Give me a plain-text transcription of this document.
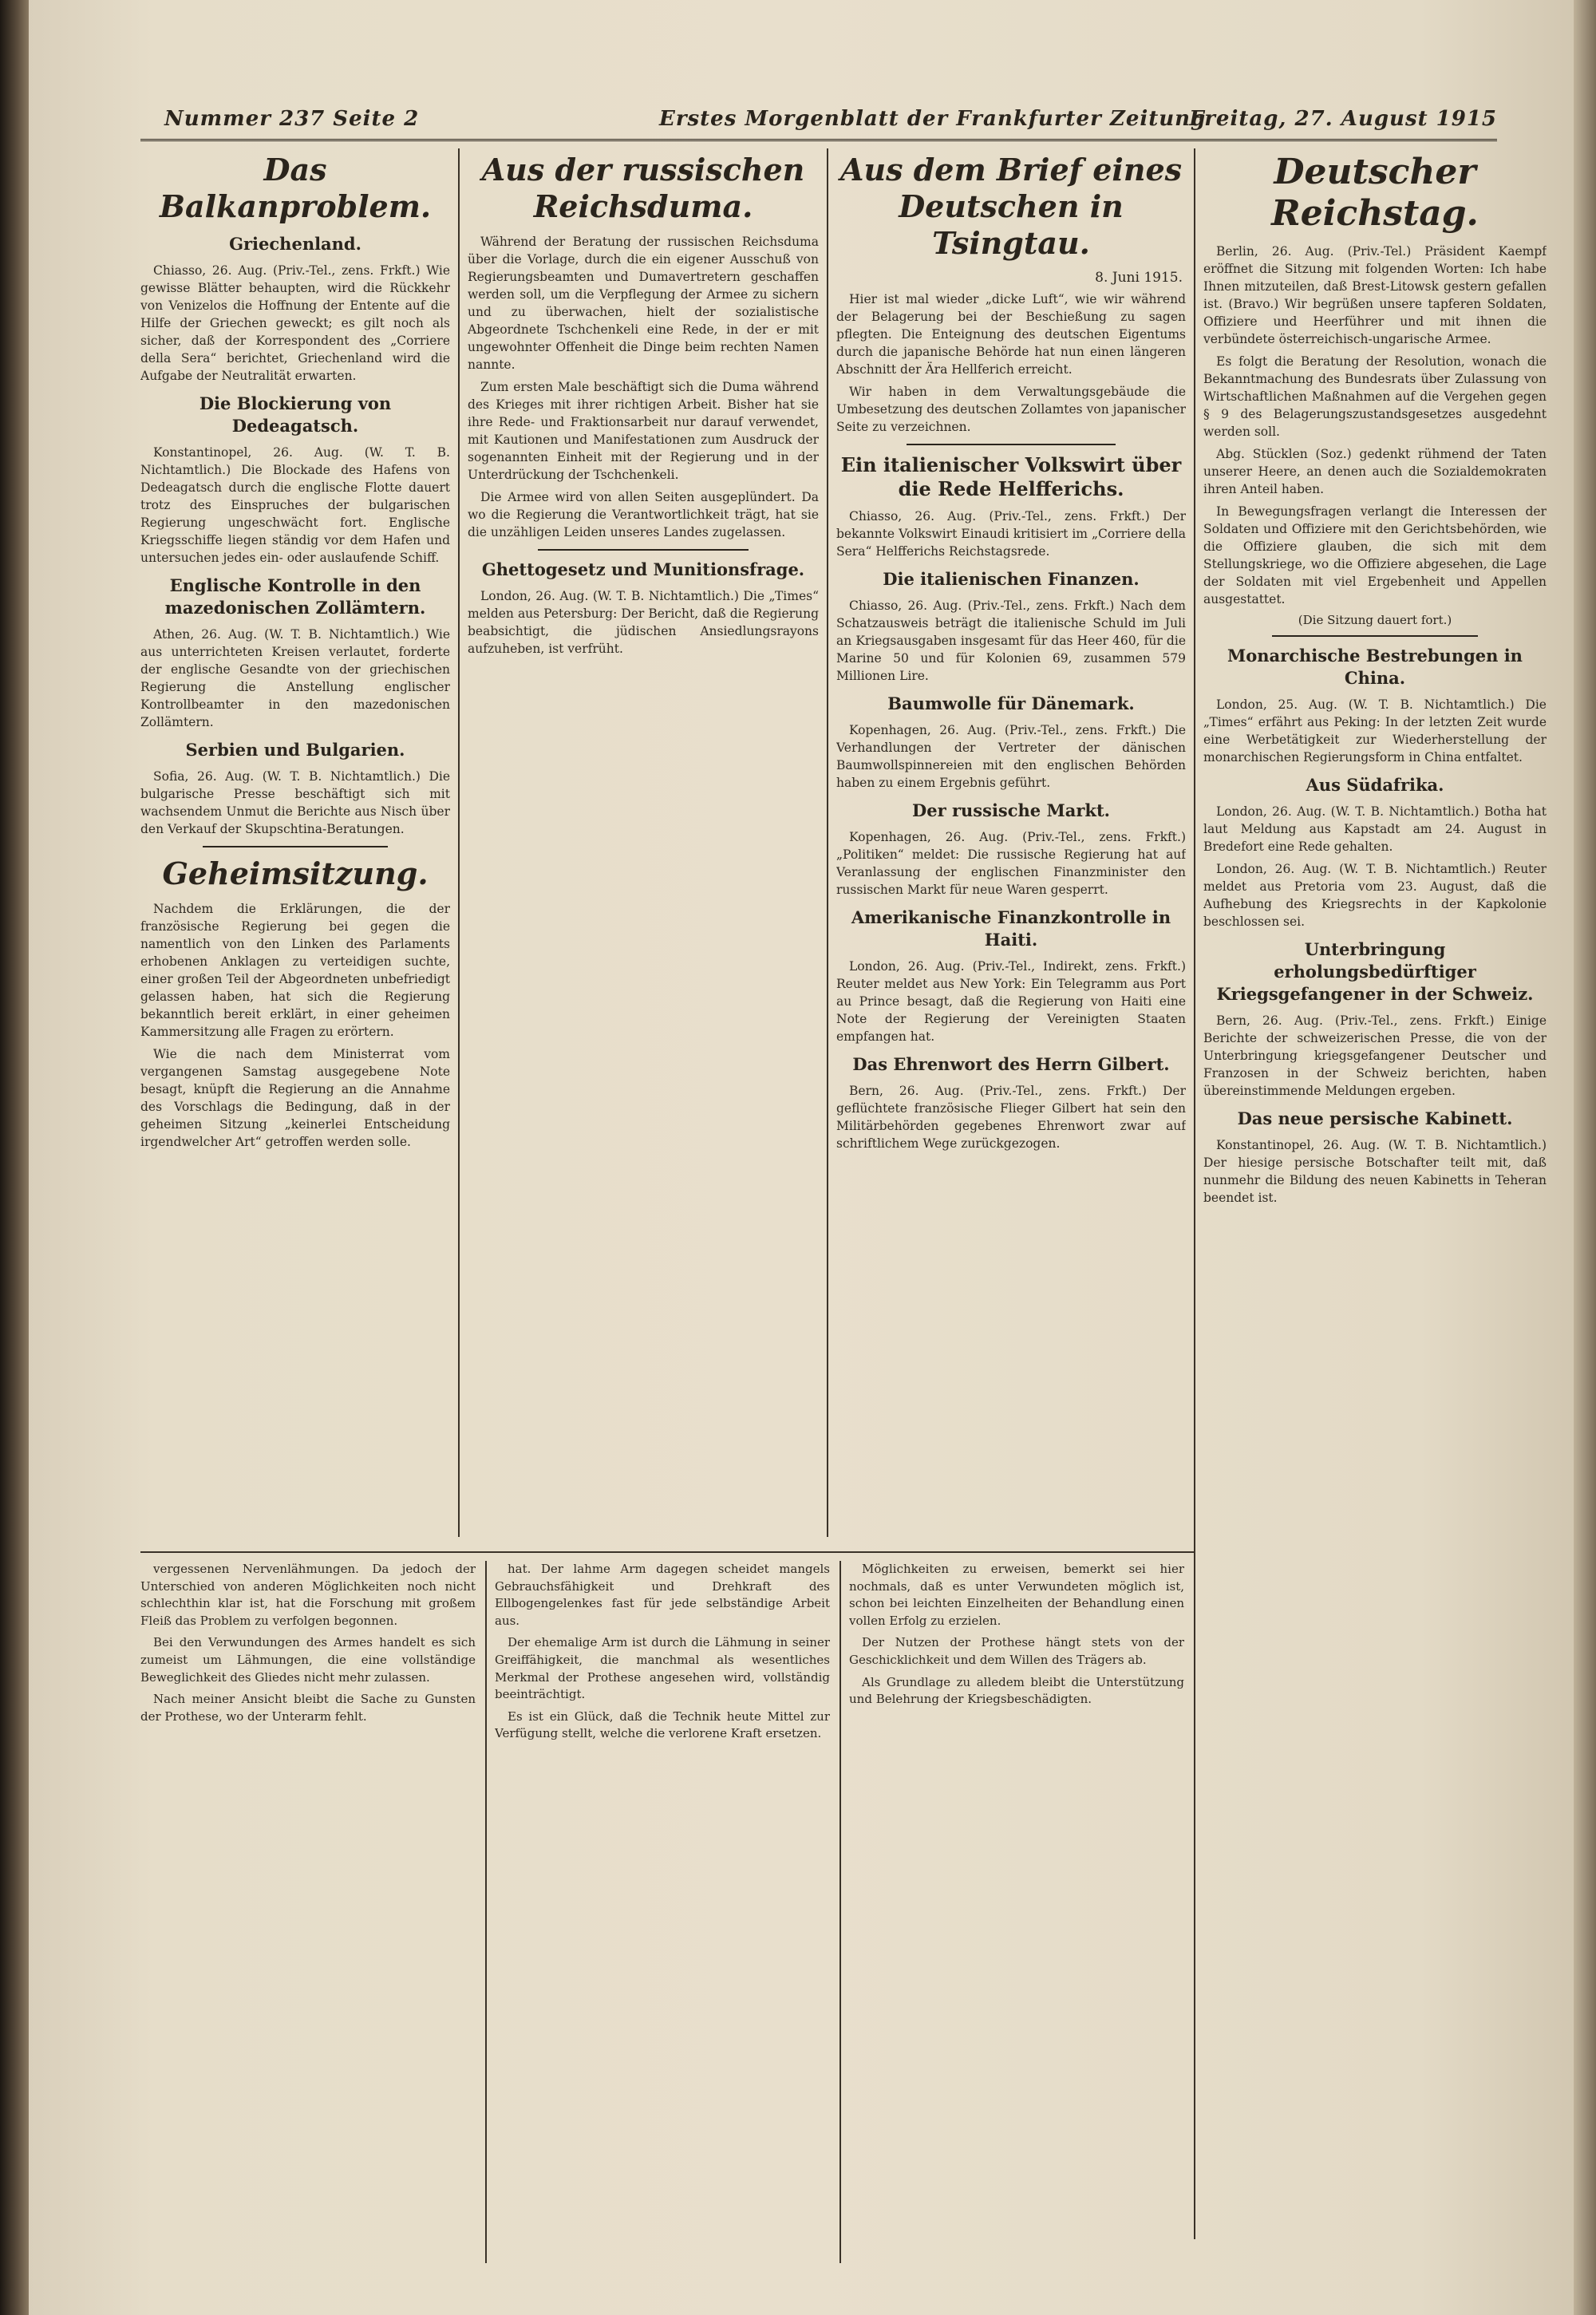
Nummer 237 Seite 2	Erstes Morgenblatt der Frankfurter Zeitung
Freitag, 27. August 1915
Das Balkanproblem.
Griechenland.

Chiasso, 26. Aug. (Priv.-Tel., zens. Frkft.) Wie gewisse Blätter behaupten, wird die Rückkehr von Venizelos die Hoffnung der Entente auf die Hilfe der Griechen geweckt; es gilt noch als sicher, daß der Korrespondent des „Corriere della Sera“ berichtet, Griechenland wird die Aufgabe der Neutralität erwarten.

Die Blockierung von Dedeagatsch.

Konstantinopel, 26. Aug. (W. T. B. Nichtamtlich.) Die Blockade des Hafens von Dedeagatsch durch die englische Flotte dauert trotz des Einspruches der bulgarischen Regierung ungeschwächt fort. Englische Kriegsschiffe liegen ständig vor dem Hafen und untersuchen jedes ein- oder auslaufende Schiff.

Englische Kontrolle in den mazedonischen Zollämtern.

Athen, 26. Aug. (W. T. B. Nichtamtlich.) Wie aus unterrichteten Kreisen verlautet, forderte der englische Gesandte von der griechischen Regierung die Anstellung englischer Kontrollbeamter in den mazedonischen Zollämtern.

Serbien und Bulgarien.

Sofia, 26. Aug. (W. T. B. Nichtamtlich.) Die bulgarische Presse beschäftigt sich mit wachsendem Unmut die Berichte aus Nisch über den Verkauf der Skupschtina-Beratungen.

Geheimsitzung.

Nachdem die Erklärungen, die der französische Regierung bei gegen die namentlich von den Linken des Parlaments erhobenen Anklagen zu verteidigen suchte, einer großen Teil der Abgeordneten unbefriedigt gelassen haben, hat sich die Regierung bekanntlich bereit erklärt, in einer geheimen Kammersitzung alle Fragen zu erörtern.

Wie die nach dem Ministerrat vom vergangenen Samstag ausgegebene Note besagt, knüpft die Regierung an die Annahme des Vorschlags die Bedingung, daß in der geheimen Sitzung „keinerlei Entscheidung irgendwelcher Art“ getroffen werden solle.

Aus der russischen Reichsduma.

Während der Beratung der russischen Reichsduma über die Vorlage, durch die ein eigener Ausschuß von Regierungsbeamten und Dumavertretern geschaffen werden soll, um die Verpflegung der Armee zu sichern und zu überwachen, hielt der sozialistische Abgeordnete Tschchenkeli eine Rede, in der er mit ungewohnter Offenheit die Dinge beim rechten Namen nannte.

Zum ersten Male beschäftigt sich die Duma während des Krieges mit ihrer richtigen Arbeit. Bisher hat sie ihre Rede- und Fraktionsarbeit nur darauf verwendet, mit Kautionen und Manifestationen zum Ausdruck der sogenannten Einheit mit der Regierung und in der Unterdrückung der Tschchenkeli.

Die Armee wird von allen Seiten ausgeplündert. Da wo die Regierung die Verantwortlichkeit trägt, hat sie die unzähligen Leiden unseres Landes zugelassen.

Ghettogesetz und Munitionsfrage.

London, 26. Aug. (W. T. B. Nichtamtlich.) Die „Times“ melden aus Petersburg: Der Bericht, daß die Regierung beabsichtigt, die jüdischen Ansiedlungsrayons aufzuheben, ist verfrüht.

Aus dem Brief eines Deutschen in Tsingtau.
8. Juni 1915.

Hier ist mal wieder „dicke Luft“, wie wir während der Belagerung bei der Beschießung zu sagen pflegten. Die Enteignung des deutschen Eigentums durch die japanische Behörde hat nun einen längeren Abschnitt der Ära Hellferich erreicht.

Wir haben in dem Verwaltungsgebäude die Umbesetzung des deutschen Zollamtes von japanischer Seite zu verzeichnen.

Ein italienischer Volkswirt über die Rede Helfferichs.

Chiasso, 26. Aug. (Priv.-Tel., zens. Frkft.) Der bekannte Volkswirt Einaudi kritisiert im „Corriere della Sera“ Helfferichs Reichstagsrede.

Die italienischen Finanzen.

Chiasso, 26. Aug. (Priv.-Tel., zens. Frkft.) Nach dem Schatzausweis beträgt die italienische Schuld im Juli an Kriegsausgaben insgesamt für das Heer 460, für die Marine 50 und für Kolonien 69, zusammen 579 Millionen Lire.

Baumwolle für Dänemark.

Kopenhagen, 26. Aug. (Priv.-Tel., zens. Frkft.) Die Verhandlungen der Vertreter der dänischen Baumwollspinnereien mit den englischen Behörden haben zu einem Ergebnis geführt.

Der russische Markt.

Kopenhagen, 26. Aug. (Priv.-Tel., zens. Frkft.) „Politiken“ meldet: Die russische Regierung hat auf Veranlassung der englischen Finanzminister den russischen Markt für neue Waren gesperrt.

Amerikanische Finanzkontrolle in Haiti.

London, 26. Aug. (Priv.-Tel., Indirekt, zens. Frkft.) Reuter meldet aus New York: Ein Telegramm aus Port au Prince besagt, daß die Regierung von Haiti eine Note der Regierung der Vereinigten Staaten empfangen hat.

Das Ehrenwort des Herrn Gilbert.

Bern, 26. Aug. (Priv.-Tel., zens. Frkft.) Der geflüchtete französische Flieger Gilbert hat sein den Militärbehörden gegebenes Ehrenwort zwar auf schriftlichem Wege zurückgezogen.

Deutscher Reichstag.

Berlin, 26. Aug. (Priv.-Tel.) Präsident Kaempf eröffnet die Sitzung mit folgenden Worten: Ich habe Ihnen mitzuteilen, daß Brest-Litowsk gestern gefallen ist. (Bravo.) Wir begrüßen unsere tapferen Soldaten, Offiziere und Heerführer und mit ihnen die verbündete österreichisch-ungarische Armee.

Es folgt die Beratung der Resolution, wonach die Bekanntmachung des Bundesrats über Zulassung von Wirtschaftlichen Maßnahmen auf die Vergehen gegen § 9 des Belagerungszustandsgesetzes ausgedehnt werden soll.

Abg. Stücklen (Soz.) gedenkt rühmend der Taten unserer Heere, an denen auch die Sozialdemokraten ihren Anteil haben.

In Bewegungsfragen verlangt die Interessen der Soldaten und Offiziere mit den Gerichtsbehörden, wie die Offiziere glauben, die sich mit dem Stellungskriege, wo die Offiziere abgesehen, die Lage der Soldaten mit viel Ergebenheit und Appellen ausgestattet.

(Die Sitzung dauert fort.)
Monarchische Bestrebungen in China.

London, 25. Aug. (W. T. B. Nichtamtlich.) Die „Times“ erfährt aus Peking: In der letzten Zeit wurde eine Werbetätigkeit zur Wiederherstellung der monarchischen Regierungsform in China entfaltet.

Aus Südafrika.

London, 26. Aug. (W. T. B. Nichtamtlich.) Botha hat laut Meldung aus Kapstadt am 24. August in Bredefort eine Rede gehalten.

London, 26. Aug. (W. T. B. Nichtamtlich.) Reuter meldet aus Pretoria vom 23. August, daß die Aufhebung des Kriegsrechts in der Kapkolonie beschlossen sei.

Unterbringung erholungsbedürftiger Kriegsgefangener in der Schweiz.

Bern, 26. Aug. (Priv.-Tel., zens. Frkft.) Einige Berichte der schweizerischen Presse, die von der Unterbringung kriegsgefangener Deutscher und Franzosen in der Schweiz berichten, haben übereinstimmende Meldungen ergeben.

Das neue persische Kabinett.

Konstantinopel, 26. Aug. (W. T. B. Nichtamtlich.) Der hiesige persische Botschafter teilt mit, daß nunmehr die Bildung des neuen Kabinetts in Teheran beendet ist.

vergessenen Nervenlähmungen. Da jedoch der Unterschied von anderen Möglichkeiten noch nicht schlechthin klar ist, hat die Forschung mit großem Fleiß das Problem zu verfolgen begonnen.

Bei den Verwundungen des Armes handelt es sich zumeist um Lähmungen, die eine vollständige Beweglichkeit des Gliedes nicht mehr zulassen.

Nach meiner Ansicht bleibt die Sache zu Gunsten der Prothese, wo der Unterarm fehlt.

hat. Der lahme Arm dagegen scheidet mangels Gebrauchsfähigkeit und Drehkraft des Ellbogengelenkes fast für jede selbständige Arbeit aus.

Der ehemalige Arm ist durch die Lähmung in seiner Greiffähigkeit, die manchmal als wesentliches Merkmal der Prothese angesehen wird, vollständig beeinträchtigt.

Es ist ein Glück, daß die Technik heute Mittel zur Verfügung stellt, welche die verlorene Kraft ersetzen.

Möglichkeiten zu erweisen, bemerkt sei hier nochmals, daß es unter Verwundeten möglich ist, schon bei leichten Einzelheiten der Behandlung einen vollen Erfolg zu erzielen.

Der Nutzen der Prothese hängt stets von der Geschicklichkeit und dem Willen des Trägers ab.

Als Grundlage zu alledem bleibt die Unterstützung und Belehrung der Kriegsbeschädigten.
